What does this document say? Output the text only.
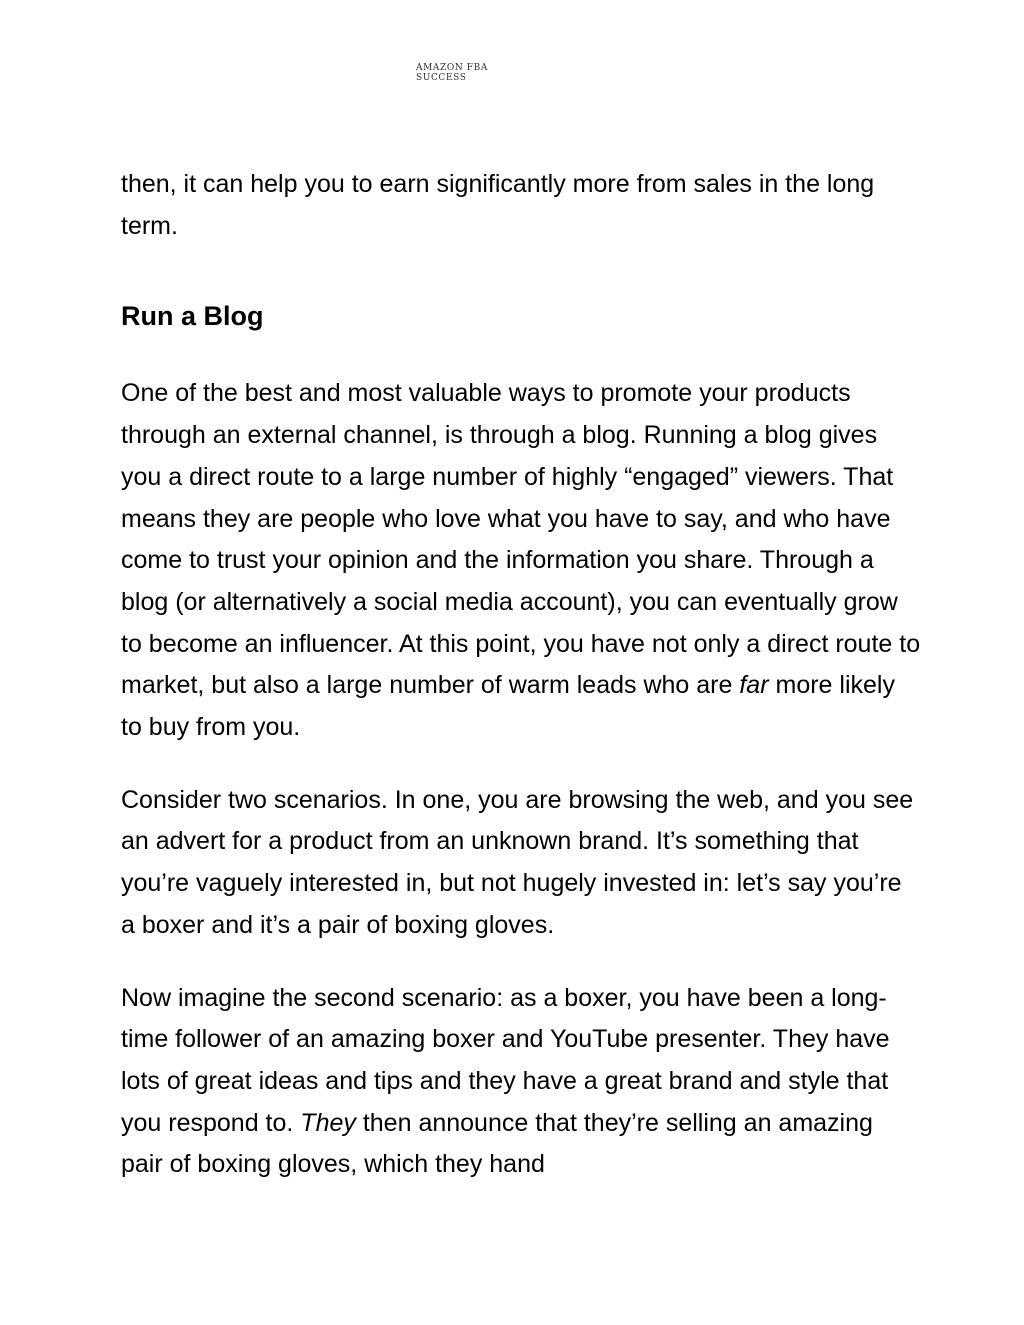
AMAZON FBA
SUCCESS

then, it can help you to earn significantly more from sales in the long term.

Run a Blog

One of the best and most valuable ways to promote your products through an external channel, is through a blog. Running a blog gives you a direct route to a large number of highly “engaged” viewers. That means they are people who love what you have to say, and who have come to trust your opinion and the information you share. Through a blog (or alternatively a social media account), you can eventually grow to become an influencer. At this point, you have not only a direct route to market, but also a large number of warm leads who are far more likely to buy from you.

Consider two scenarios. In one, you are browsing the web, and you see an advert for a product from an unknown brand. It’s something that you’re vaguely interested in, but not hugely invested in: let’s say you’re a boxer and it’s a pair of boxing gloves.

Now imagine the second scenario: as a boxer, you have been a long-time follower of an amazing boxer and YouTube presenter. They have lots of great ideas and tips and they have a great brand and style that you respond to. They then announce that they’re selling an amazing pair of boxing gloves, which they hand
